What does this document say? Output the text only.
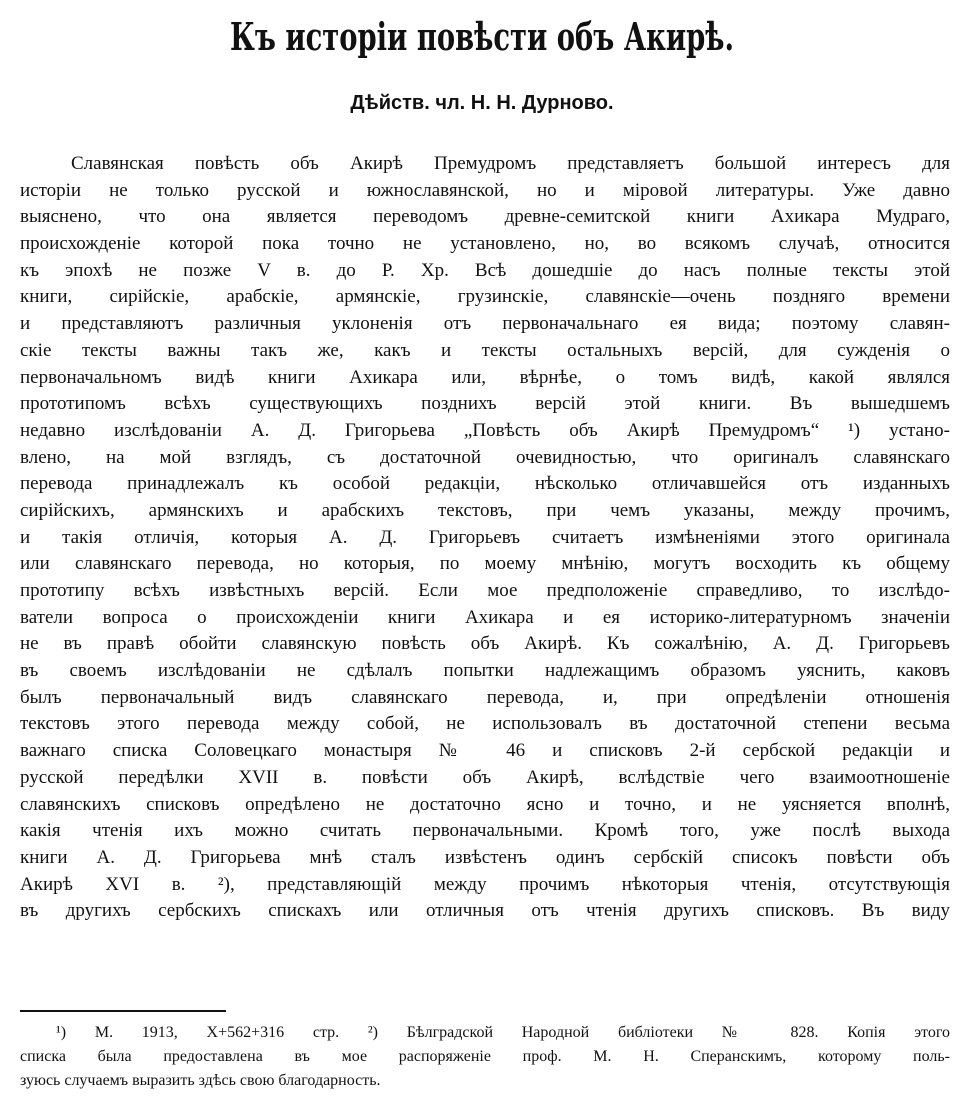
Къ исторіи повѣсти объ Акирѣ.
Дѣйств. чл. Н. Н. Дурново.
Славянская повѣсть объ Акирѣ Премудромъ представляетъ большой интересъ для
исторіи не только русской и южнославянской, но и міровой литературы. Уже давно
выяснено, что она является переводомъ древне-семитской книги Ахикара Мудраго,
происхожденіе которой пока точно не установлено, но, во всякомъ случаѣ, относится
къ эпохѣ не позже V в. до Р. Хр. Всѣ дошедшіе до насъ полные тексты этой
книги, сирійскіе, арабскіе, армянскіе, грузинскіе, славянскіе—очень поздняго времени
и представляютъ различныя уклоненія отъ первоначальнаго ея вида; поэтому славян-
скіе тексты важны такъ же, какъ и тексты остальныхъ версій, для сужденія о
первоначальномъ видѣ книги Ахикара или, вѣрнѣе, о томъ видѣ, какой являлся
прототипомъ всѣхъ существующихъ позднихъ версій этой книги. Въ вышедшемъ
недавно изслѣдованіи А. Д. Григорьева „Повѣсть объ Акирѣ Премудромъ“ ¹) устано-
влено, на мой взглядъ, съ достаточной очевидностью, что оригиналъ славянскаго
перевода принадлежалъ къ особой редакціи, нѣсколько отличавшейся отъ изданныхъ
сирійскихъ, армянскихъ и арабскихъ текстовъ, при чемъ указаны, между прочимъ,
и такія отличія, которыя А. Д. Григорьевъ считаетъ измѣненіями этого оригинала
или славянскаго перевода, но которыя, по моему мнѣнію, могутъ восходить къ общему
прототипу всѣхъ извѣстныхъ версій. Если мое предположеніе справедливо, то изслѣдо-
ватели вопроса о происхожденіи книги Ахикара и ея историко-литературномъ значеніи
не въ правѣ обойти славянскую повѣсть объ Акирѣ. Къ сожалѣнію, А. Д. Григорьевъ
въ своемъ изслѣдованіи не сдѣлалъ попытки надлежащимъ образомъ уяснить, каковъ
былъ первоначальный видъ славянскаго перевода, и, при опредѣленіи отношенія
текстовъ этого перевода между собой, не использовалъ въ достаточной степени весьма
важнаго списка Соловецкаго монастыря № 46 и списковъ 2-й сербской редакціи и
русской передѣлки XVII в. повѣсти объ Акирѣ, вслѣдствіе чего взаимоотношеніе
славянскихъ списковъ опредѣлено не достаточно ясно и точно, и не уясняется вполнѣ,
какія чтенія ихъ можно считать первоначальными. Кромѣ того, уже послѣ выхода
книги А. Д. Григорьева мнѣ сталъ извѣстенъ одинъ сербскій списокъ повѣсти объ
Акирѣ XVI в. ²), представляющій между прочимъ нѣкоторыя чтенія, отсутствующія
въ другихъ сербскихъ спискахъ или отличныя отъ чтенія другихъ списковъ. Въ виду
¹) М. 1913, X+562+316 стр. ²) Бѣлградской Народной библіотеки № 828. Копія этого
списка была предоставлена въ мое распоряженіе проф. М. Н. Сперанскимъ, которому поль-
зуюсь случаемъ выразить здѣсь свою благодарность.
